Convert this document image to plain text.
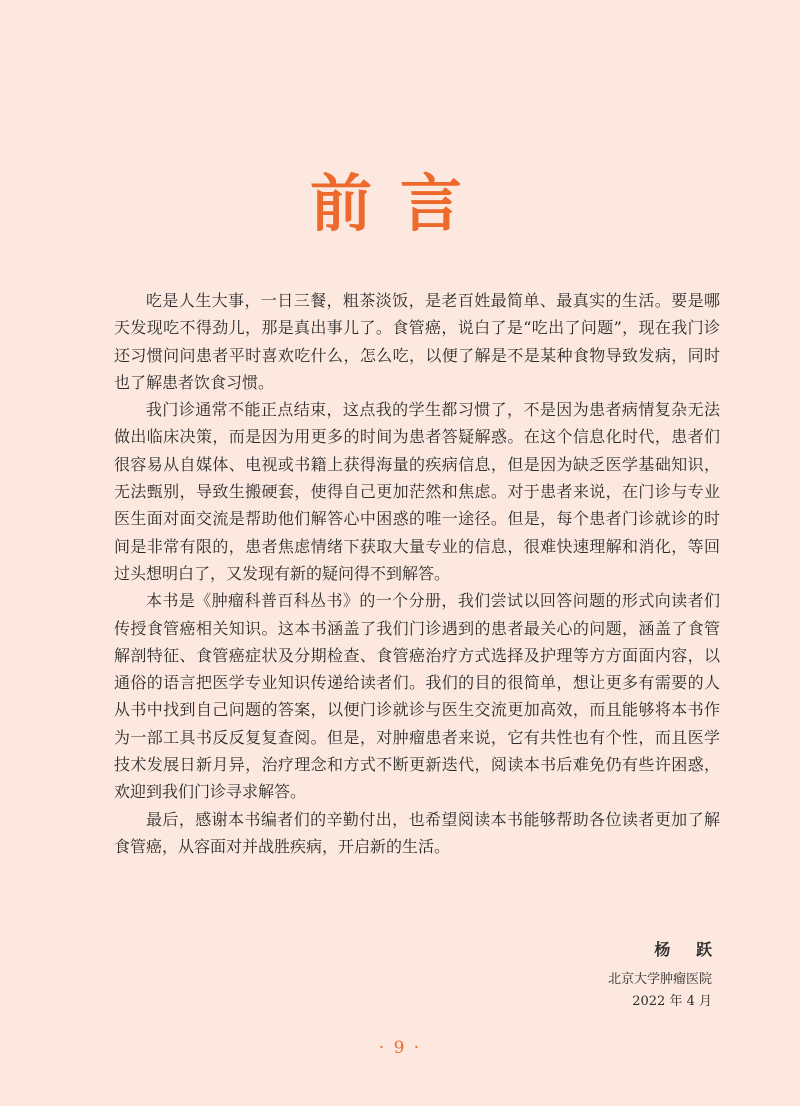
前言

吃是人生大事，一日三餐，粗茶淡饭，是老百姓最简单、最真实的生活。要是哪天发现吃不得劲儿，那是真出事儿了。食管癌，说白了是“吃出了问题”，现在我门诊还习惯问问患者平时喜欢吃什么，怎么吃，以便了解是不是某种食物导致发病，同时也了解患者饮食习惯。

我门诊通常不能正点结束，这点我的学生都习惯了，不是因为患者病情复杂无法做出临床决策，而是因为用更多的时间为患者答疑解惑。在这个信息化时代，患者们很容易从自媒体、电视或书籍上获得海量的疾病信息，但是因为缺乏医学基础知识，无法甄别，导致生搬硬套，使得自己更加茫然和焦虑。对于患者来说，在门诊与专业医生面对面交流是帮助他们解答心中困惑的唯一途径。但是，每个患者门诊就诊的时间是非常有限的，患者焦虑情绪下获取大量专业的信息，很难快速理解和消化，等回过头想明白了，又发现有新的疑问得不到解答。

本书是《肿瘤科普百科丛书》的一个分册，我们尝试以回答问题的形式向读者们传授食管癌相关知识。这本书涵盖了我们门诊遇到的患者最关心的问题，涵盖了食管解剖特征、食管癌症状及分期检查、食管癌治疗方式选择及护理等方方面面内容，以通俗的语言把医学专业知识传递给读者们。我们的目的很简单，想让更多有需要的人从书中找到自己问题的答案，以便门诊就诊与医生交流更加高效，而且能够将本书作为一部工具书反反复复查阅。但是，对肿瘤患者来说，它有共性也有个性，而且医学技术发展日新月异，治疗理念和方式不断更新迭代，阅读本书后难免仍有些许困惑，欢迎到我们门诊寻求解答。

最后，感谢本书编者们的辛勤付出，也希望阅读本书能够帮助各位读者更加了解食管癌，从容面对并战胜疾病，开启新的生活。

杨 跃
北京大学肿瘤医院
2022 年 4 月
· 9 ·
